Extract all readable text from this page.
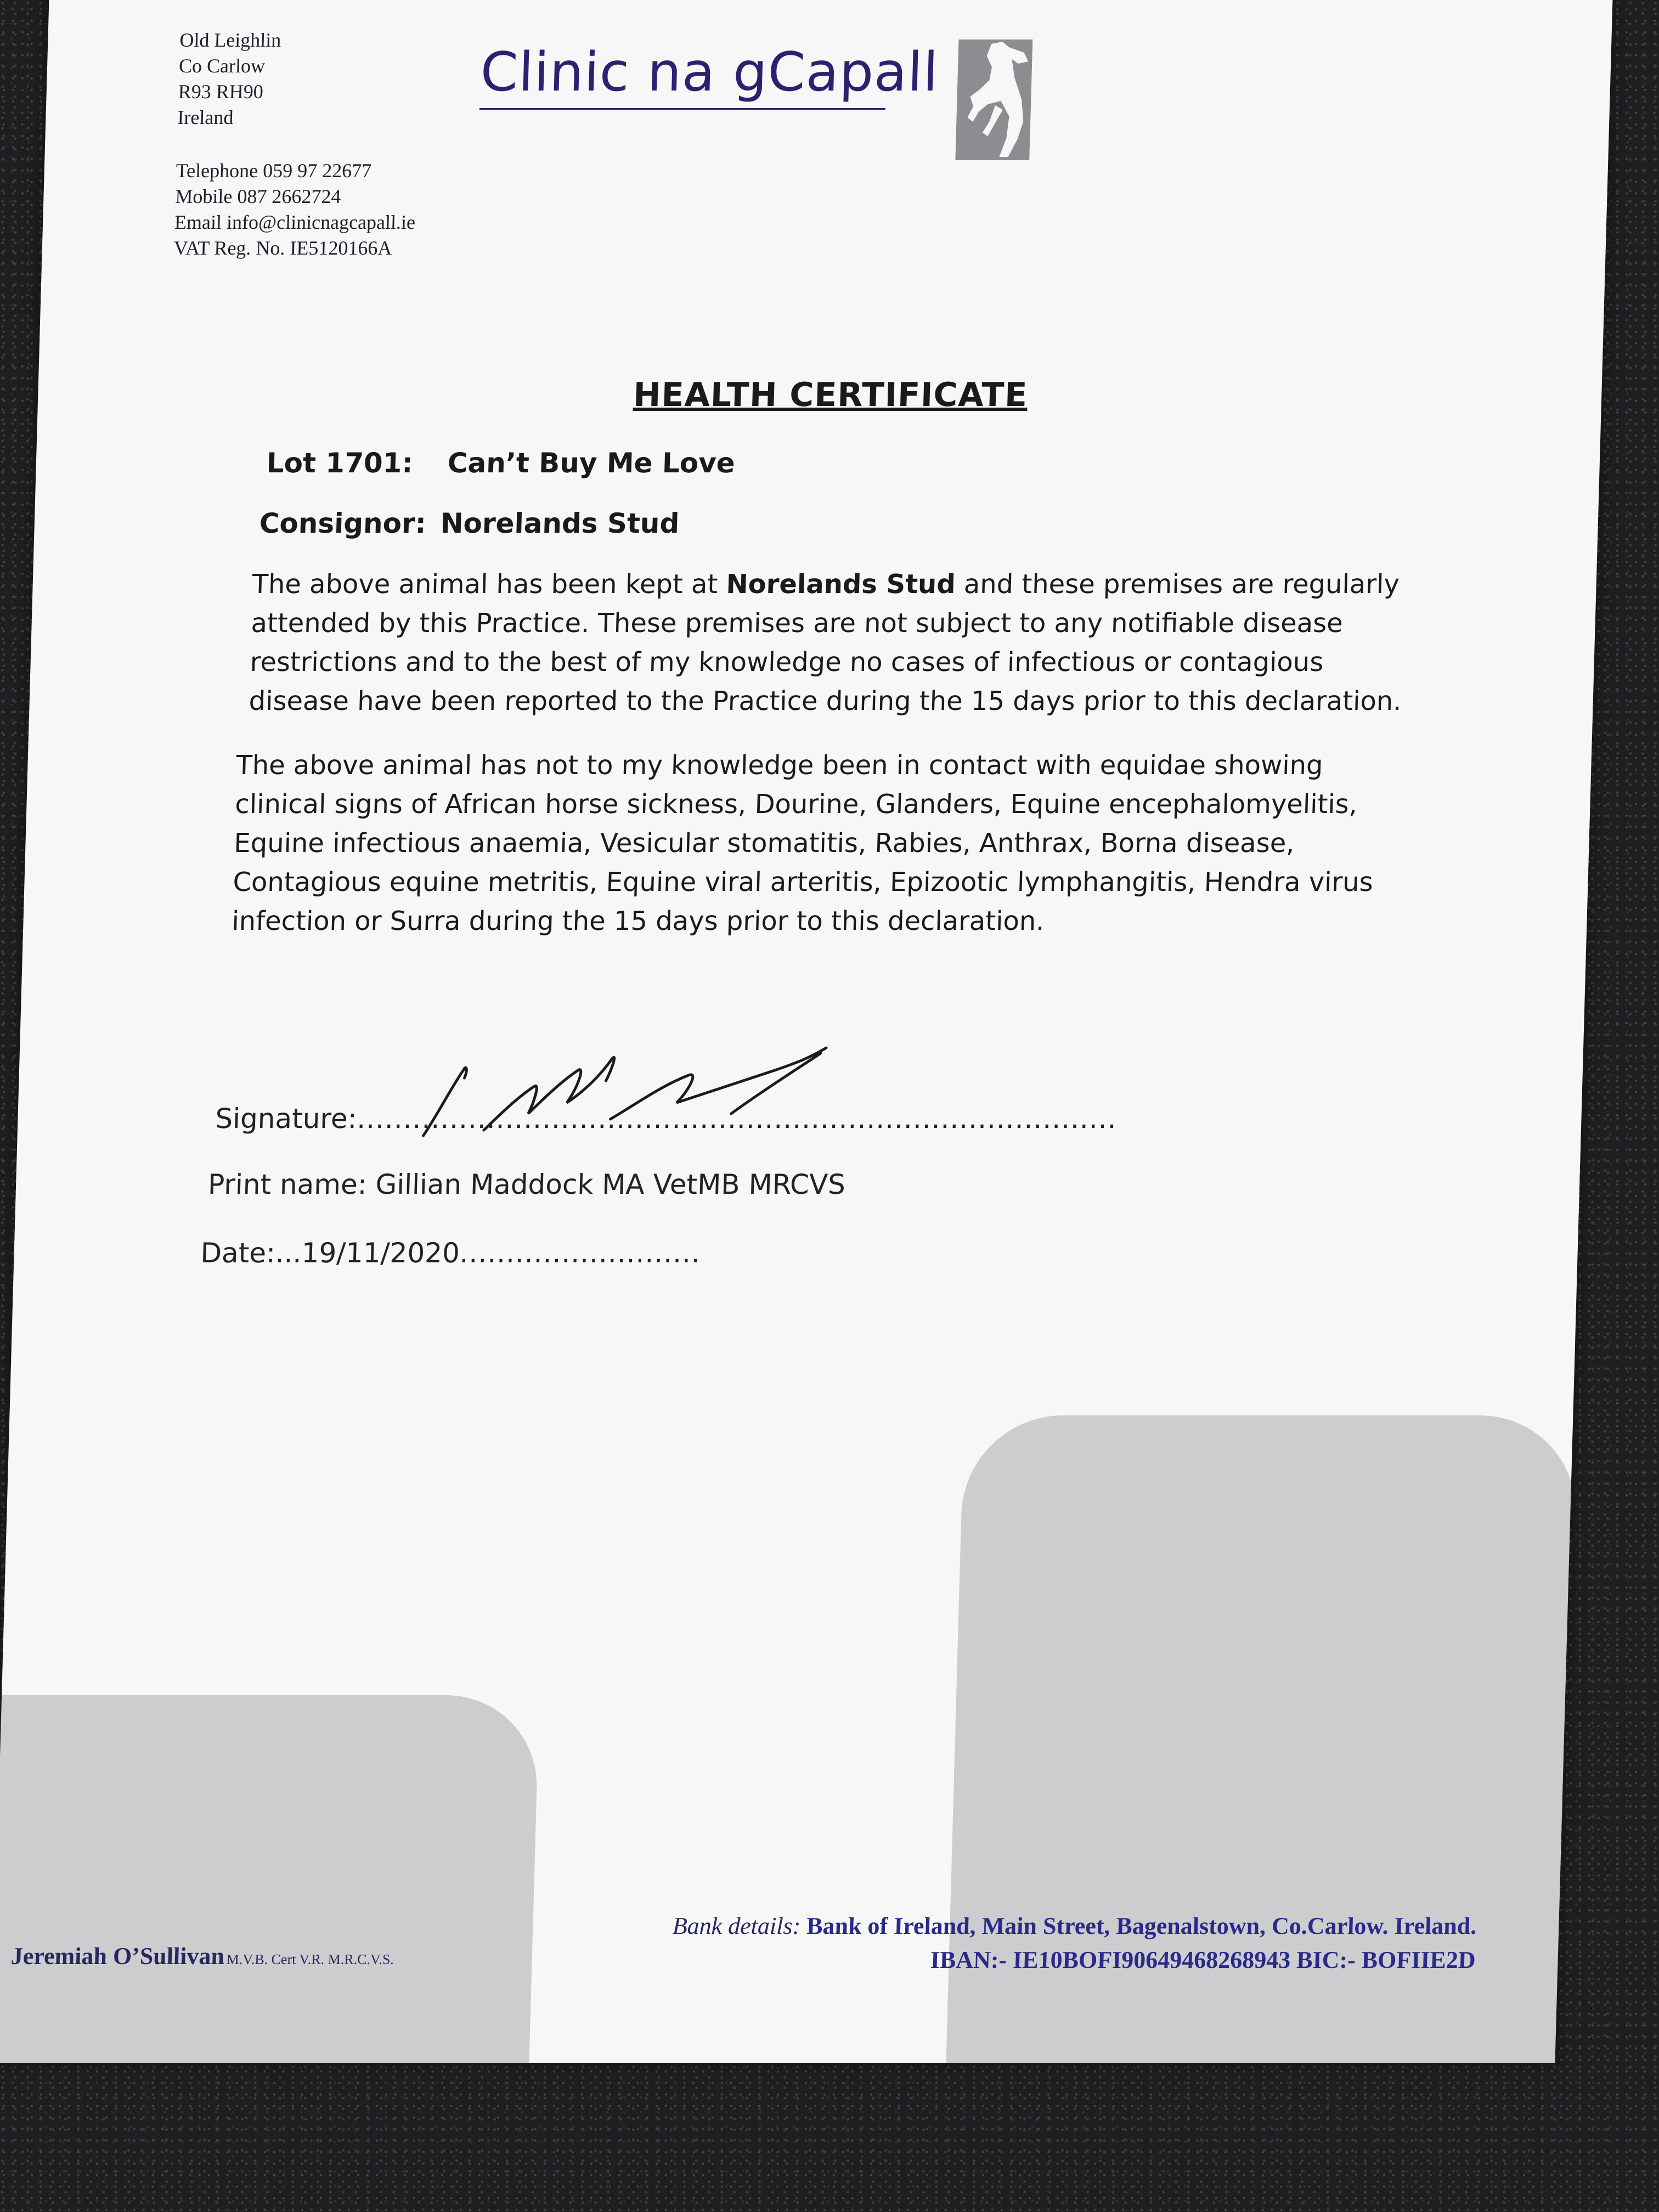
Old Leighlin
Co Carlow
R93 RH90
Ireland
Telephone 059 97 22677
Mobile 087 2662724
Email info@clinicnagcapall.ie
VAT Reg. No. IE5120166A
Clinic na gCapall
HEALTH CERTIFICATE
Lot 1701: Can’t Buy Me Love
Consignor: Norelands Stud
The above animal has been kept at Norelands Stud and these premises are regularly
attended by this Practice. These premises are not subject to any notifiable disease
restrictions and to the best of my knowledge no cases of infectious or contagious
disease have been reported to the Practice during the 15 days prior to this declaration.
The above animal has not to my knowledge been in contact with equidae showing
clinical signs of African horse sickness, Dourine, Glanders, Equine encephalomyelitis,
Equine infectious anaemia, Vesicular stomatitis, Rabies, Anthrax, Borna disease,
Contagious equine metritis, Equine viral arteritis, Epizootic lymphangitis, Hendra virus
infection or Surra during the 15 days prior to this declaration.
Signature:..................................................................................
Print name: Gillian Maddock MA VetMB MRCVS
Date:...19/11/2020..........................
Jeremiah O’Sullivan M.V.B. Cert V.R. M.R.C.V.S.
Bank details: Bank of Ireland, Main Street, Bagenalstown, Co.Carlow. Ireland.
IBAN:- IE10BOFI90649468268943 BIC:- BOFIIE2D
